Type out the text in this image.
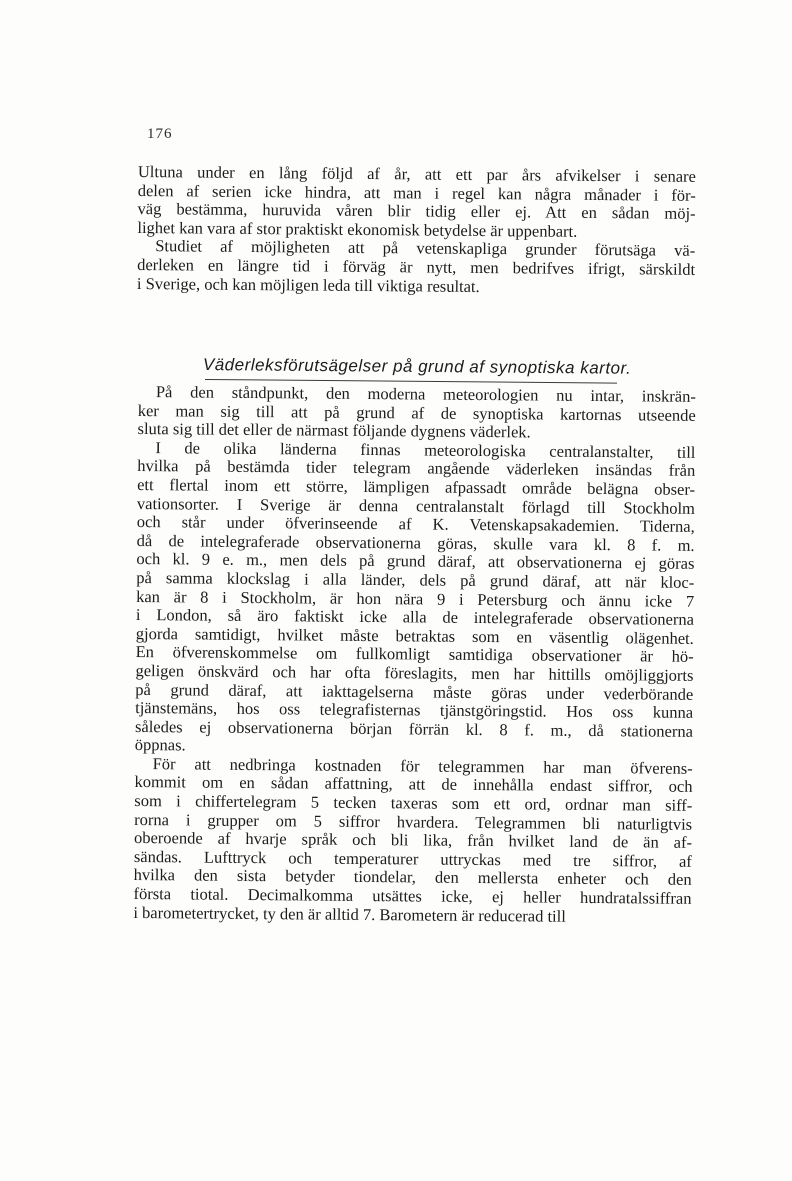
176
Ultuna under en lång följd af år, att ett par års afvikelser i senare
delen af serien icke hindra, att man i regel kan några månader i för-
väg bestämma, huruvida våren blir tidig eller ej. Att en sådan möj-
lighet kan vara af stor praktiskt ekonomisk betydelse är uppenbart.
Studiet af möjligheten att på vetenskapliga grunder förutsäga vä-
derleken en längre tid i förväg är nytt, men bedrifves ifrigt, särskildt
i Sverige, och kan möjligen leda till viktiga resultat.
Väderleksförutsägelser på grund af synoptiska kartor.
På den ståndpunkt, den moderna meteorologien nu intar, inskrän-
ker man sig till att på grund af de synoptiska kartornas utseende
sluta sig till det eller de närmast följande dygnens väderlek.
I de olika länderna finnas meteorologiska centralanstalter, till
hvilka på bestämda tider telegram angående väderleken insändas från
ett flertal inom ett större, lämpligen afpassadt område belägna obser-
vationsorter. I Sverige är denna centralanstalt förlagd till Stockholm
och står under öfverinseende af K. Vetenskapsakademien. Tiderna,
då de intelegraferade observationerna göras, skulle vara kl. 8 f. m.
och kl. 9 e. m., men dels på grund däraf, att observationerna ej göras
på samma klockslag i alla länder, dels på grund däraf, att när kloc-
kan är 8 i Stockholm, är hon nära 9 i Petersburg och ännu icke 7
i London, så äro faktiskt icke alla de intelegraferade observationerna
gjorda samtidigt, hvilket måste betraktas som en väsentlig olägenhet.
En öfverenskommelse om fullkomligt samtidiga observationer är hö-
geligen önskvärd och har ofta föreslagits, men har hittills omöjliggjorts
på grund däraf, att iakttagelserna måste göras under vederbörande
tjänstemäns, hos oss telegrafisternas tjänstgöringstid. Hos oss kunna
således ej observationerna början förrän kl. 8 f. m., då stationerna
öppnas.
För att nedbringa kostnaden för telegrammen har man öfverens-
kommit om en sådan affattning, att de innehålla endast siffror, och
som i chiffertelegram 5 tecken taxeras som ett ord, ordnar man siff-
rorna i grupper om 5 siffror hvardera. Telegrammen bli naturligtvis
oberoende af hvarje språk och bli lika, från hvilket land de än af-
sändas. Lufttryck och temperaturer uttryckas med tre siffror, af
hvilka den sista betyder tiondelar, den mellersta enheter och den
första tiotal. Decimalkomma utsättes icke, ej heller hundratalssiffran
i barometertrycket, ty den är alltid 7. Barometern är reducerad till
